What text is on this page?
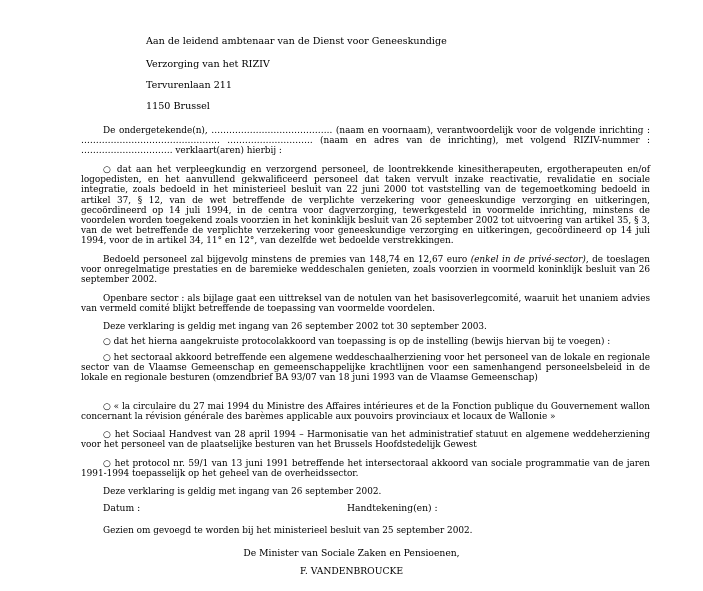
Aan de leidend ambtenaar van de Dienst voor Geneeskundige
Verzorging van het RIZIV
Tervurenlaan 211
1150 Brussel

De ondergetekende(n), ………………………………….. (naam en voornaam), verantwoordelijk voor de volgende inrichting : ……………………………………….. ……………………….. (naam en adres van de inrichting), met volgend RIZIV-nummer : …………………………. verklaart(aren) hierbij :

○ dat aan het verpleegkundig en verzorgend personeel, de loontrekkende kinesitherapeuten, ergotherapeuten en/of logopedisten, en het aanvullend gekwalificeerd personeel dat taken vervult inzake reactivatie, revalidatie en sociale integratie, zoals bedoeld in het ministerieel besluit van 22 juni 2000 tot vaststelling van de tegemoetkoming bedoeld in artikel 37, § 12, van de wet betreffende de verplichte verzekering voor geneeskundige verzorging en uitkeringen, gecoördineerd op 14 juli 1994, in de centra voor dagverzorging, tewerkgesteld in voormelde inrichting, minstens de voordelen worden toegekend zoals voorzien in het koninklijk besluit van 26 september 2002 tot uitvoering van artikel 35, § 3, van de wet betreffende de verplichte verzekering voor geneeskundige verzorging en uitkeringen, gecoördineerd op 14 juli 1994, voor de in artikel 34, 11° en 12°, van dezelfde wet bedoelde verstrekkingen.

Bedoeld personeel zal bijgevolg minstens de premies van 148,74 en 12,67 euro (enkel in de privé-sector), de toeslagen voor onregelmatige prestaties en de baremieke weddeschalen genieten, zoals voorzien in voormeld koninklijk besluit van 26 september 2002.

Openbare sector : als bijlage gaat een uittreksel van de notulen van het basisoverlegcomité, waaruit het unaniem advies van vermeld comité blijkt betreffende de toepassing van voormelde voordelen.

Deze verklaring is geldig met ingang van 26 september 2002 tot 30 september 2003.

○ dat het hierna aangekruiste protocolakkoord van toepassing is op de instelling (bewijs hiervan bij te voegen) :

○ het sectoraal akkoord betreffende een algemene weddeschaalherziening voor het personeel van de lokale en regionale sector van de Vlaamse Gemeenschap en gemeenschappelijke krachtlijnen voor een samenhangend personeelsbeleid in de lokale en regionale besturen (omzendbrief BA 93/07 van 18 juni 1993 van de Vlaamse Gemeenschap)

○ « la circulaire du 27 mai 1994 du Ministre des Affaires intérieures et de la Fonction publique du Gouvernement wallon concernant la révision générale des barèmes applicable aux pouvoirs provinciaux et locaux de Wallonie »

○ het Sociaal Handvest van 28 april 1994 – Harmonisatie van het administratief statuut en algemene weddeherziening voor het personeel van de plaatselijke besturen van het Brussels Hoofdstedelijk Gewest

○ het protocol nr. 59/1 van 13 juni 1991 betreffende het intersectoraal akkoord van sociale programmatie van de jaren 1991-1994 toepasselijk op het geheel van de overheidssector.

Deze verklaring is geldig met ingang van 26 september 2002.

Datum :	Handtekening(en) :

Gezien om gevoegd te worden bij het ministerieel besluit van 25 september 2002.

De Minister van Sociale Zaken en Pensioenen,
F. VANDENBROUCKE
